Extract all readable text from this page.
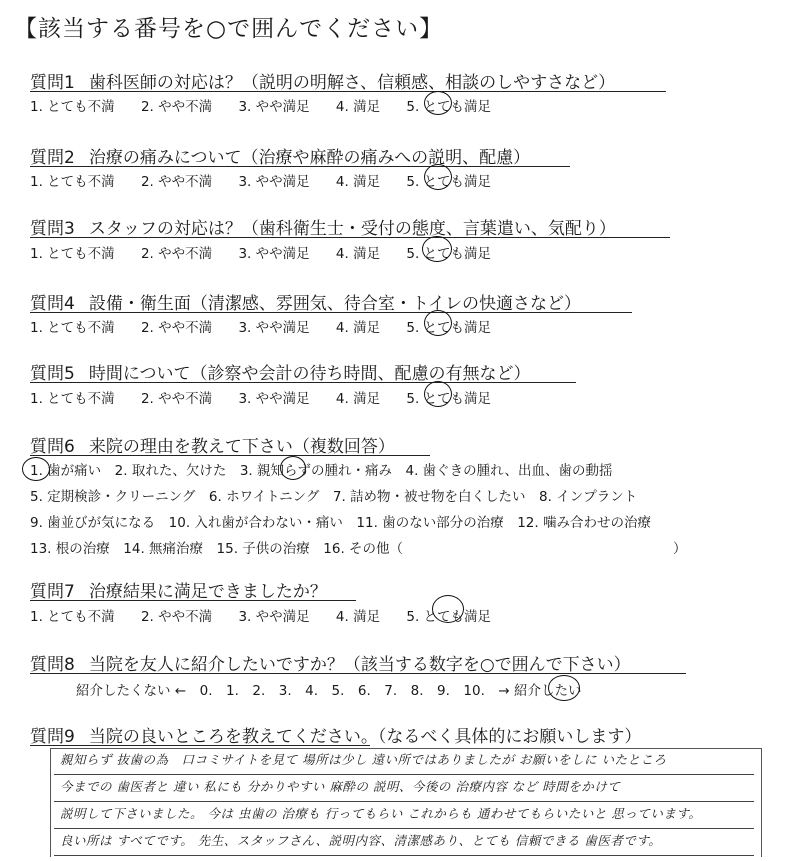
【該当する番号を○で囲んでください】
質問1 歯科医師の対応は？（説明の明解さ、信頼感、相談のしやすさなど）
1. とても不満 2. やや不満 3. やや満足 4. 満足 5. とても満足
質問2 治療の痛みについて（治療や麻酔の痛みへの説明、配慮）
1. とても不満 2. やや不満 3. やや満足 4. 満足 5. とても満足
質問3 スタッフの対応は？（歯科衛生士・受付の態度、言葉遣い、気配り）
1. とても不満 2. やや不満 3. やや満足 4. 満足 5. とても満足
質問4 設備・衛生面（清潔感、雰囲気、待合室・トイレの快適さなど）
1. とても不満 2. やや不満 3. やや満足 4. 満足 5. とても満足
質問5 時間について（診察や会計の待ち時間、配慮の有無など）
1. とても不満 2. やや不満 3. やや満足 4. 満足 5. とても満足
質問6 来院の理由を教えて下さい（複数回答）
1. 歯が痛い　2. 取れた、欠けた　3. 親知らずの腫れ・痛み　4. 歯ぐきの腫れ、出血、歯の動揺
5. 定期検診・クリーニング　6. ホワイトニング　7. 詰め物・被せ物を白くしたい　8. インプラント
9. 歯並びが気になる　10. 入れ歯が合わない・痛い　11. 歯のない部分の治療　12. 噛み合わせの治療
13. 根の治療　14. 無痛治療　15. 子供の治療　16. その他（　　　　　　　　　　　　　　　　　　　　）
質問7 治療結果に満足できましたか？
1. とても不満 2. やや不満 3. やや満足 4. 満足 5. とても満足
質問8 当院を友人に紹介したいですか？（該当する数字を○で囲んで下さい）
紹介したくない ←　0.　1.　2.　3.　4.　5.　6.　7.　8.　9.　10.　→ 紹介したい
質問9 当院の良いところを教えてください。（なるべく具体的にお願いします）
親知らず 抜歯の為　口コミサイトを見て 場所は少し 遠い所ではありましたが お願いをしに いたところ
今までの 歯医者と 違い 私にも 分かりやすい 麻酔の 説明、今後の 治療内容 など 時間をかけて
説明して下さいました。 今は 虫歯の 治療も 行ってもらい これからも 通わせてもらいたいと 思っています。
良い所は すべてです。 先生、スタッフさん、説明内容、清潔感あり、とても 信頼できる 歯医者です。
